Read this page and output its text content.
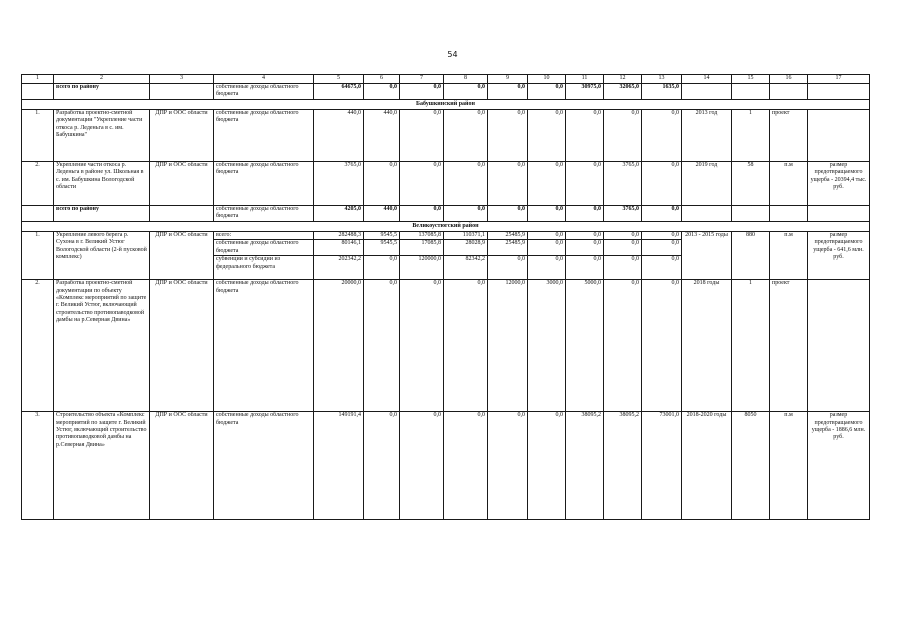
54
1	2	3	4	5	6	7	8	9	10	11	12	13	14	15	16	17
	всего по району		собственные доходы областного бюджета	64675,0	0,0	0,0	0,0	0,0	0,0	30975,0	32065,0	1635,0				
Бабушкинский район																
1.	Разработка проектно-сметной документации "Укрепление части откоса р. Леденьга в с. им. Бабушкина"	ДПР и ООС области	собственные доходы областного бюджета	440,0	440,0	0,0	0,0	0,0	0,0	0,0	0,0	0,0	2013 год	1	проект	
2.	Укрепление части откоса р. Леденьга в районе ул. Школьная в с. им. Бабушкина Вологодской области	ДПР и ООС области	собственные доходы областного бюджета	3765,0	0,0	0,0	0,0	0,0	0,0	0,0	3765,0	0,0	2019 год	58	п.м	размер предотвращаемого ущерба - 20394,4 тыс. руб.
	всего по району		собственные доходы областного бюджета	4205,0	440,0	0,0	0,0	0,0	0,0	0,0	3765,0	0,0				
Великоустюгский район																
1.	Укрепление левого берега р. Сухона в г. Великий Устюг Вологодской области (2-й пусковой комплекс)	ДПР и ООС области	всего:	282488,3	9545,5	137085,8	110371,1	25485,9	0,0	0,0	0,0	0,0	2013 - 2015 годы	880	п.м	размер предотвращаемого ущерба - 641,6 млн. руб.
			собственные доходы областного бюджета	80146,1	9545,5	17085,8	28028,9	25485,9	0,0	0,0	0,0	0,0				
			субвенции и субсидии из федерального бюджета	202342,2	0,0	120000,0	82342,2	0,0	0,0	0,0	0,0	0,0				
2.	Разработка проектно-сметной документации по объекту «Комплекс мероприятий по защите г. Великий Устюг, включающий строительство противопаводковой дамбы на р.Северная Двина»	ДПР и ООС области	собственные доходы областного бюджета	20000,0	0,0	0,0	0,0	12000,0	3000,0	5000,0	0,0	0,0	2018 годы	1	проект	
3.	Строительство объекта «Комплекс мероприятий по защите г. Великий Устюг, включающий строительство противопаводковой дамбы на р.Северная Двина»	ДПР и ООС области	собственные доходы областного бюджета	149191,4	0,0	0,0	0,0	0,0	0,0	38095,2	38095,2	73001,0	2018-2020 годы	8050	п.м	размер предотвращаемого ущерба - 1886,6 млн. руб.
